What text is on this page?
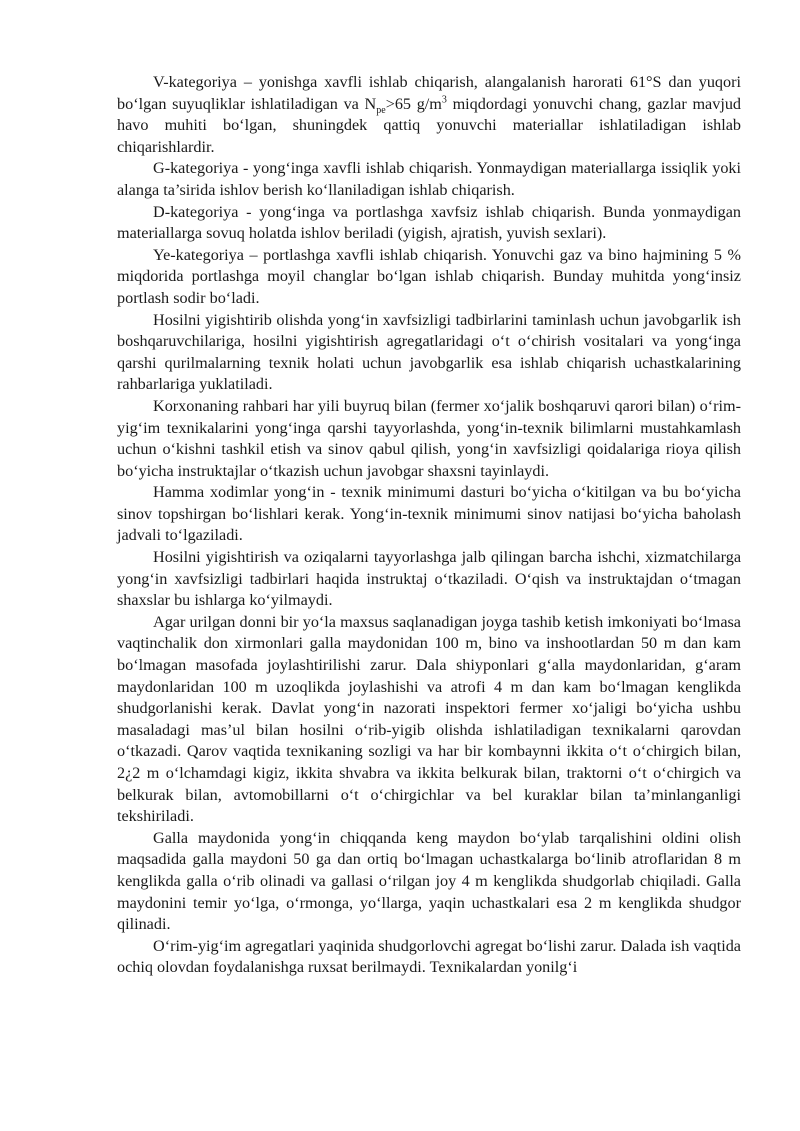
V-kategoriya – yonishga xavfli ishlab chiqarish, alangalanish harorati 61°S dan yuqori bo‘lgan suyuqliklar ishlatiladigan va $N_{pe}>65$ $g/m^3$ miqdordagi yonuvchi chang, gazlar mavjud havo muhiti bo‘lgan, shuningdek qattiq yonuvchi materiallar ishlatiladigan ishlab chiqarishlardir.

G-kategoriya - yong‘inga xavfli ishlab chiqarish. Yonmaydigan materiallarga issiqlik yoki alanga ta’sirida ishlov berish ko‘llaniladigan ishlab chiqarish.

D-kategoriya - yong‘inga va portlashga xavfsiz ishlab chiqarish. Bunda yonmaydigan materiallarga sovuq holatda ishlov beriladi (yigish, ajratish, yuvish sexlari).

Ye-kategoriya – portlashga xavfli ishlab chiqarish. Yonuvchi gaz va bino hajmining 5 % miqdorida portlashga moyil changlar bo‘lgan ishlab chiqarish. Bunday muhitda yong‘insiz portlash sodir bo‘ladi.

Hosilni yigishtirib olishda yong‘in xavfsizligi tadbirlarini taminlash uchun javobgarlik ish boshqaruvchilariga, hosilni yigishtirish agregatlaridagi o‘t o‘chirish vositalari va yong‘inga qarshi qurilmalarning texnik holati uchun javobgarlik esa ishlab chiqarish uchastkalarining rahbarlariga yuklatiladi.

Korxonaning rahbari har yili buyruq bilan (fermer xo‘jalik boshqaruvi qarori bilan) o‘rim-yig‘im texnikalarini yong‘inga qarshi tayyorlashda, yong‘in-texnik bilimlarni mustahkamlash uchun o‘kishni tashkil etish va sinov qabul qilish, yong‘in xavfsizligi qoidalariga rioya qilish bo‘yicha instruktajlar o‘tkazish uchun javobgar shaxsni tayinlaydi.

Hamma xodimlar yong‘in - texnik minimumi dasturi bo‘yicha o‘kitilgan va bu bo‘yicha sinov topshirgan bo‘lishlari kerak. Yong‘in-texnik minimumi sinov natijasi bo‘yicha baholash jadvali to‘lgaziladi.

Hosilni yigishtirish va oziqalarni tayyorlashga jalb qilingan barcha ishchi, xizmatchilarga yong‘in xavfsizligi tadbirlari haqida instruktaj o‘tkaziladi. O‘qish va instruktajdan o‘tmagan shaxslar bu ishlarga ko‘yilmaydi.

Agar urilgan donni bir yo‘la maxsus saqlanadigan joyga tashib ketish imkoniyati bo‘lmasa vaqtinchalik don xirmonlari galla maydonidan 100 m, bino va inshootlardan 50 m dan kam bo‘lmagan masofada joylashtirilishi zarur. Dala shiyponlari g‘alla maydonlaridan, g‘aram maydonlaridan 100 m uzoqlikda joylashishi va atrofi 4 m dan kam bo‘lmagan kenglikda shudgorlanishi kerak. Davlat yong‘in nazorati inspektori fermer xo‘jaligi bo‘yicha ushbu masaladagi mas’ul bilan hosilni o‘rib-yigib olishda ishlatiladigan texnikalarni qarovdan o‘tkazadi. Qarov vaqtida texnikaning sozligi va har bir kombaynni ikkita o‘t o‘chirgich bilan, 2¿2 m o‘lchamdagi kigiz, ikkita shvabra va ikkita belkurak bilan, traktorni o‘t o‘chirgich va belkurak bilan, avtomobillarni o‘t o‘chirgichlar va bel kuraklar bilan ta’minlanganligi tekshiriladi.

Galla maydonida yong‘in chiqqanda keng maydon bo‘ylab tarqalishini oldini olish maqsadida galla maydoni 50 ga dan ortiq bo‘lmagan uchastkalarga bo‘linib atroflaridan 8 m kenglikda galla o‘rib olinadi va gallasi o‘rilgan joy 4 m kenglikda shudgorlab chiqiladi. Galla maydonini temir yo‘lga, o‘rmonga, yo‘llarga, yaqin uchastkalari esa 2 m kenglikda shudgor qilinadi.

O‘rim-yig‘im agregatlari yaqinida shudgorlovchi agregat bo‘lishi zarur. Dalada ish vaqtida ochiq olovdan foydalanishga ruxsat berilmaydi. Texnikalardan yonilg‘i
